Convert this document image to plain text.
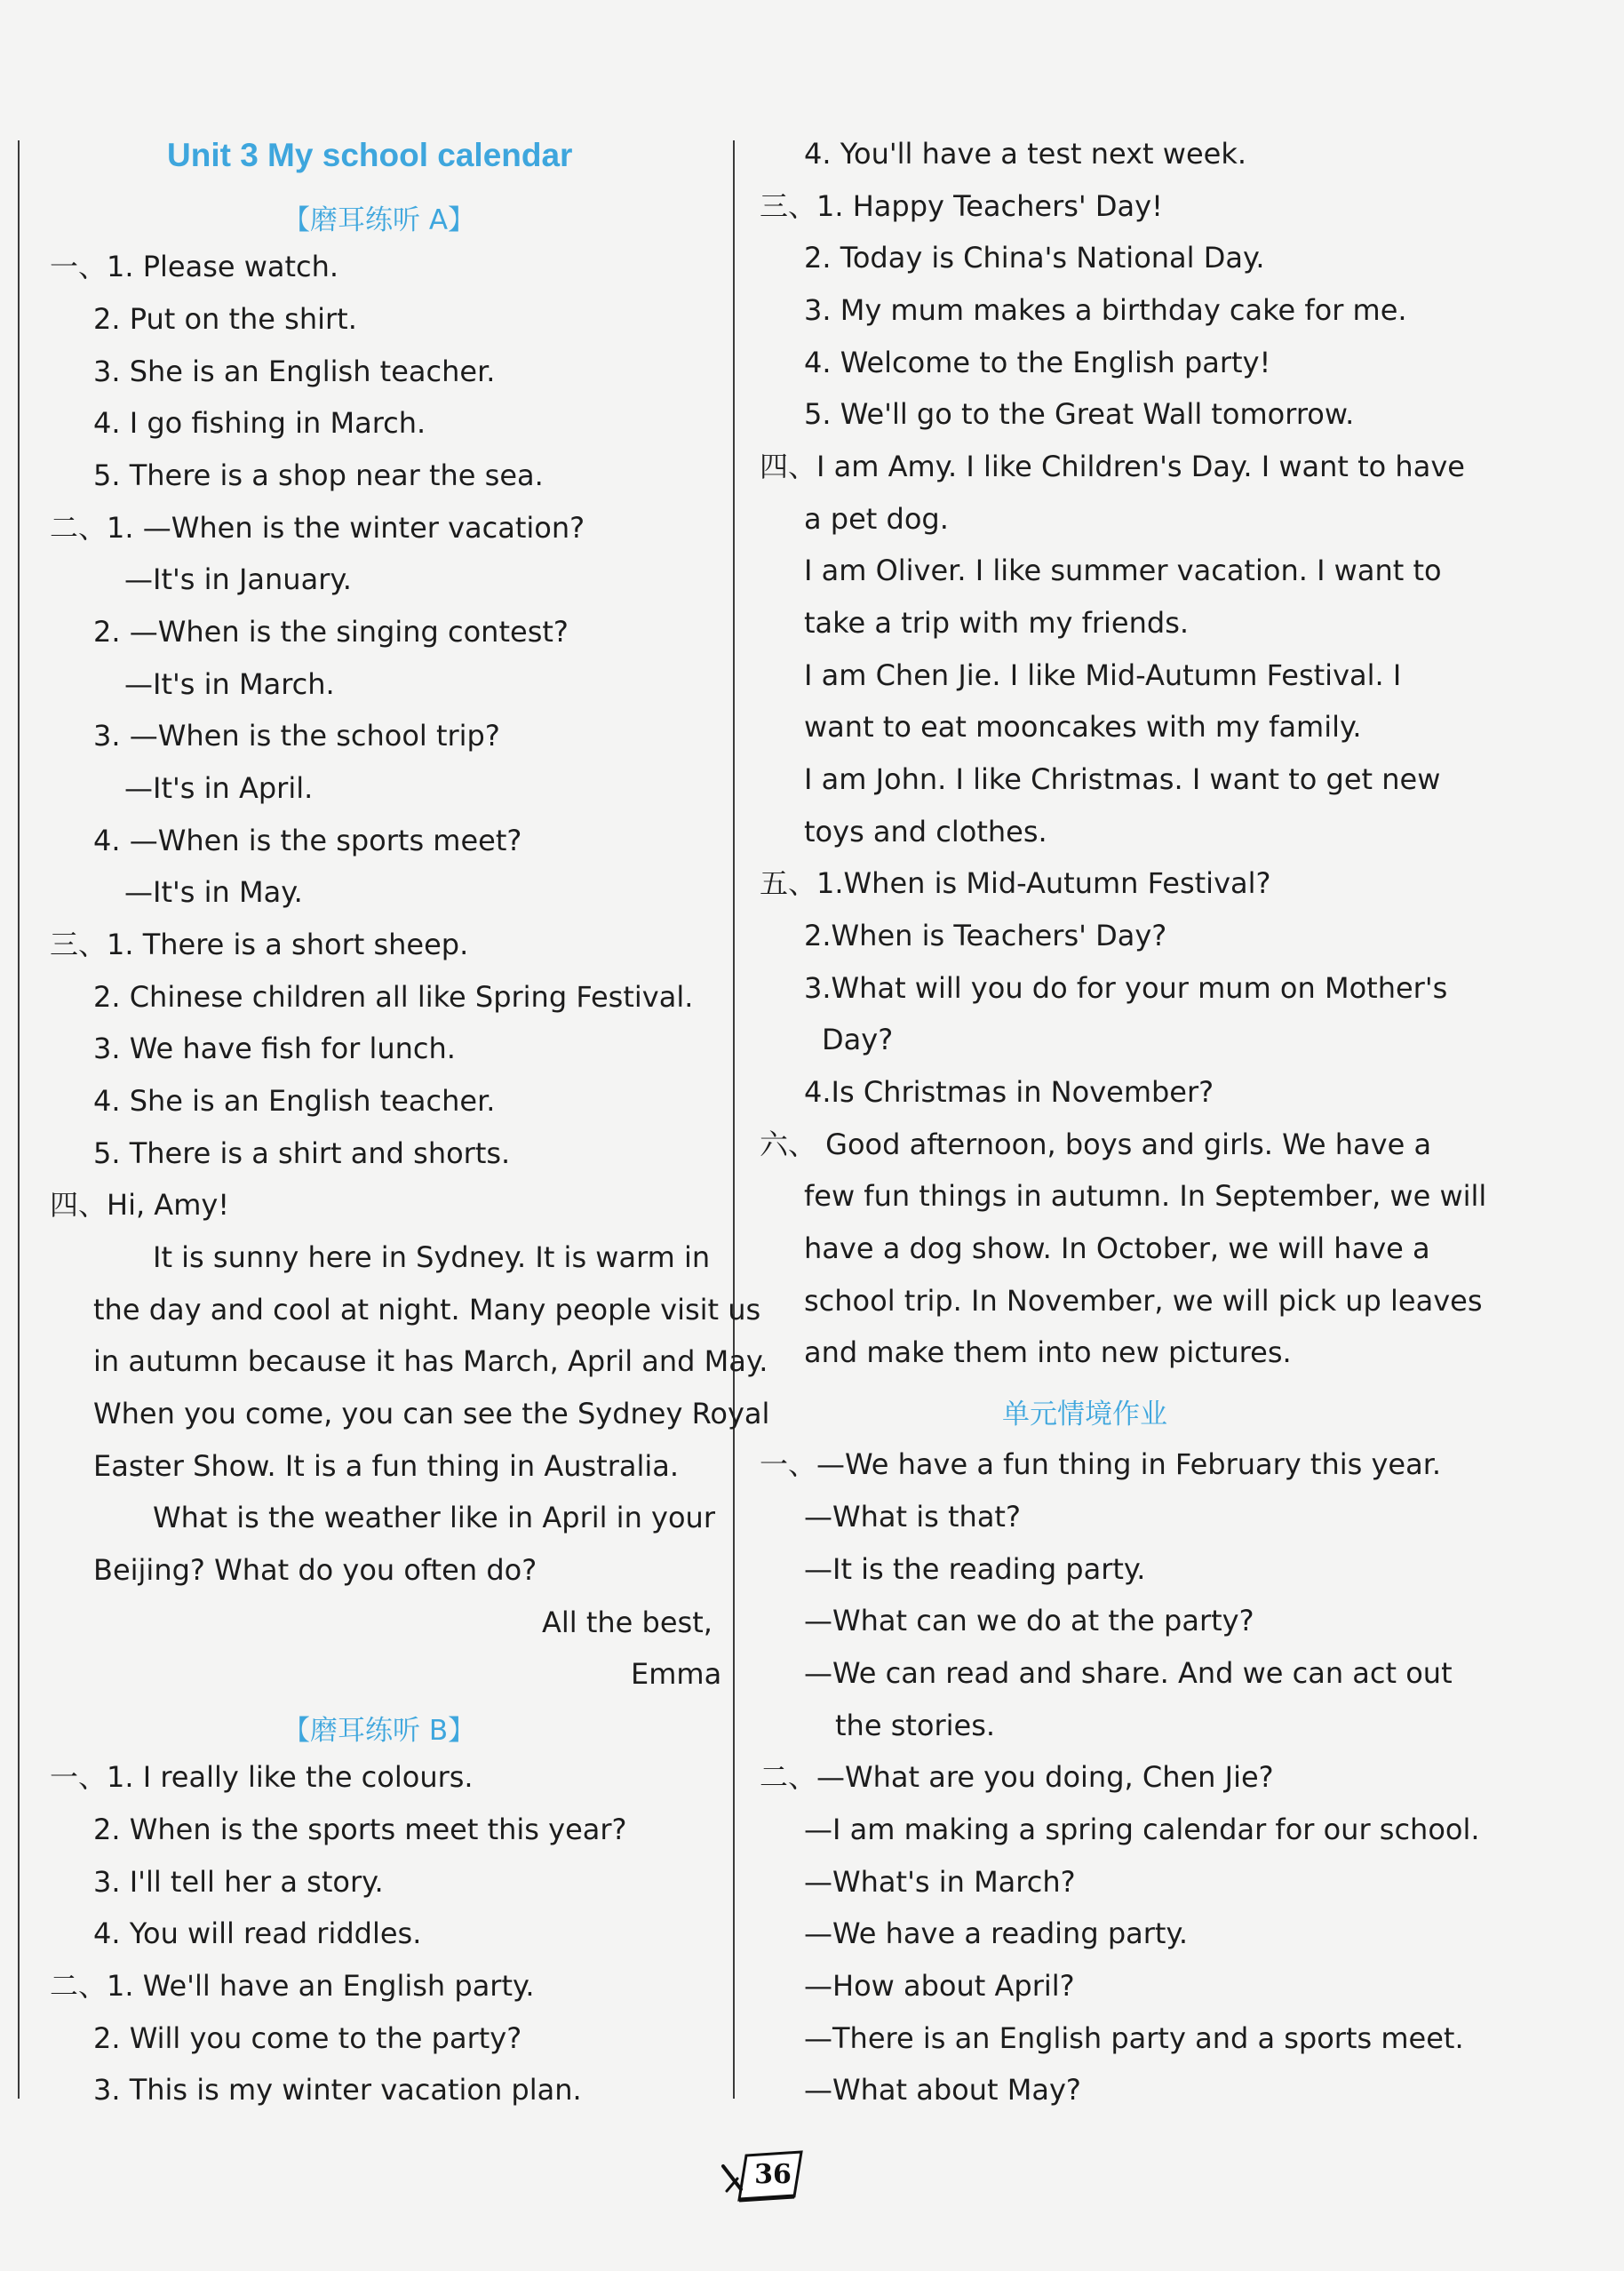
Unit 3 My school calendar
【磨耳练听 A】
一、1. Please watch.
2. Put on the shirt.
3. She is an English teacher.
4. I go fishing in March.
5. There is a shop near the sea.
二、1. —When is the winter vacation?
—It's in January.
2. —When is the singing contest?
—It's in March.
3. —When is the school trip?
—It's in April.
4. —When is the sports meet?
—It's in May.
三、1. There is a short sheep.
2. Chinese children all like Spring Festival.
3. We have fish for lunch.
4. She is an English teacher.
5. There is a shirt and shorts.
四、Hi, Amy!
It is sunny here in Sydney. It is warm in
the day and cool at night. Many people visit us
in autumn because it has March, April and May.
When you come, you can see the Sydney Royal
Easter Show. It is a fun thing in Australia.
What is the weather like in April in your
Beijing? What do you often do?
All the best,
Emma
【磨耳练听 B】
一、1. I really like the colours.
2. When is the sports meet this year?
3. I'll tell her a story.
4. You will read riddles.
二、1. We'll have an English party.
2. Will you come to the party?
3. This is my winter vacation plan.
4. You'll have a test next week.
三、1. Happy Teachers' Day!
2. Today is China's National Day.
3. My mum makes a birthday cake for me.
4. Welcome to the English party!
5. We'll go to the Great Wall tomorrow.
四、I am Amy. I like Children's Day. I want to have
a pet dog.
I am Oliver. I like summer vacation. I want to
take a trip with my friends.
I am Chen Jie. I like Mid-Autumn Festival. I
want to eat mooncakes with my family.
I am John. I like Christmas. I want to get new
toys and clothes.
五、1.When is Mid-Autumn Festival?
2.When is Teachers' Day?
3.What will you do for your mum on Mother's
Day?
4.Is Christmas in November?
六、 Good afternoon, boys and girls. We have a
few fun things in autumn. In September, we will
have a dog show. In October, we will have a
school trip. In November, we will pick up leaves
and make them into new pictures.
单元情境作业
一、—We have a fun thing in February this year.
—What is that?
—It is the reading party.
—What can we do at the party?
—We can read and share. And we can act out
the stories.
二、—What are you doing, Chen Jie?
—I am making a spring calendar for our school.
—What's in March?
—We have a reading party.
—How about April?
—There is an English party and a sports meet.
—What about May?
36
